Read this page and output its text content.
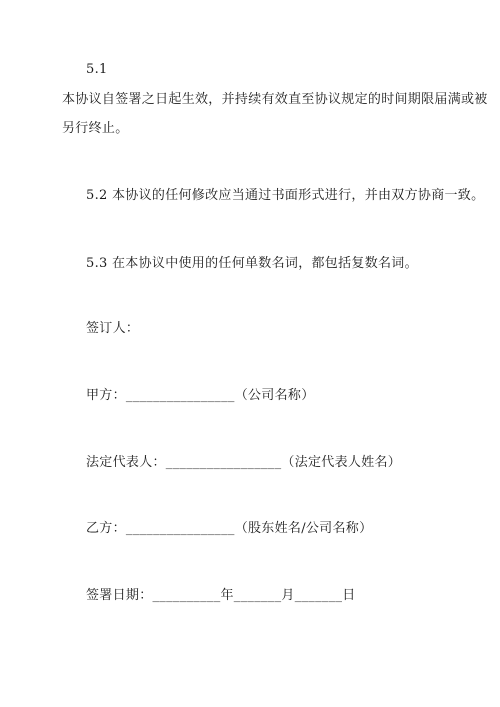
5.1
本协议自签署之日起生效，并持续有效直至协议规定的时间期限届满或被
另行终止。
5.2 本协议的任何修改应当通过书面形式进行，并由双方协商一致。
5.3 在本协议中使用的任何单数名词，都包括复数名词。
签订人：
甲方：________________（公司名称）
法定代表人：_________________（法定代表人姓名）
乙方：________________（股东姓名/公司名称）
签署日期：__________年_______月_______日
